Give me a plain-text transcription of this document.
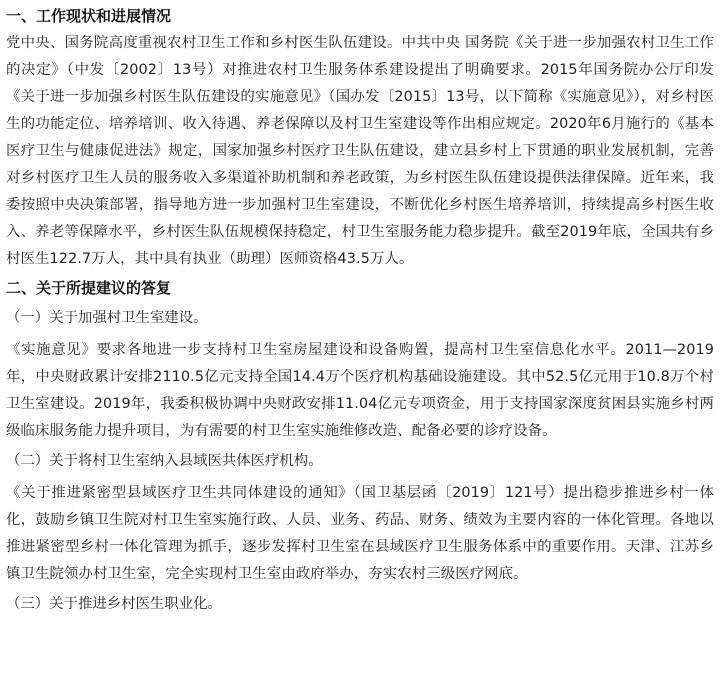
一、工作现状和进展情况

党中央、国务院高度重视农村卫生工作和乡村医生队伍建设。中共中央 国务院《关于进一步加强农村卫生工作的决定》（中发〔2002〕13号）对推进农村卫生服务体系建设提出了明确要求。2015年国务院办公厅印发《关于进一步加强乡村医生队伍建设的实施意见》（国办发〔2015〕13号，以下简称《实施意见》），对乡村医生的功能定位、培养培训、收入待遇、养老保障以及村卫生室建设等作出相应规定。2020年6月施行的《基本医疗卫生与健康促进法》规定，国家加强乡村医疗卫生队伍建设，建立县乡村上下贯通的职业发展机制，完善对乡村医疗卫生人员的服务收入多渠道补助机制和养老政策，为乡村医生队伍建设提供法律保障。近年来，我委按照中央决策部署，指导地方进一步加强村卫生室建设，不断优化乡村医生培养培训，持续提高乡村医生收入、养老等保障水平，乡村医生队伍规模保持稳定，村卫生室服务能力稳步提升。截至2019年底，全国共有乡村医生122.7万人，其中具有执业（助理）医师资格43.5万人。

二、关于所提建议的答复
（一）关于加强村卫生室建设。

《实施意见》要求各地进一步支持村卫生室房屋建设和设备购置，提高村卫生室信息化水平。2011—2019年，中央财政累计安排2110.5亿元支持全国14.4万个医疗机构基础设施建设。其中52.5亿元用于10.8万个村卫生室建设。2019年，我委积极协调中央财政安排11.04亿元专项资金，用于支持国家深度贫困县实施乡村两级临床服务能力提升项目，为有需要的村卫生室实施维修改造、配备必要的诊疗设备。

（二）关于将村卫生室纳入县域医共体医疗机构。

《关于推进紧密型县域医疗卫生共同体建设的通知》（国卫基层函〔2019〕121号）提出稳步推进乡村一体化，鼓励乡镇卫生院对村卫生室实施行政、人员、业务、药品、财务、绩效为主要内容的一体化管理。各地以推进紧密型乡村一体化管理为抓手，逐步发挥村卫生室在县域医疗卫生服务体系中的重要作用。天津、江苏乡镇卫生院领办村卫生室，完全实现村卫生室由政府举办，夯实农村三级医疗网底。

（三）关于推进乡村医生职业化。
